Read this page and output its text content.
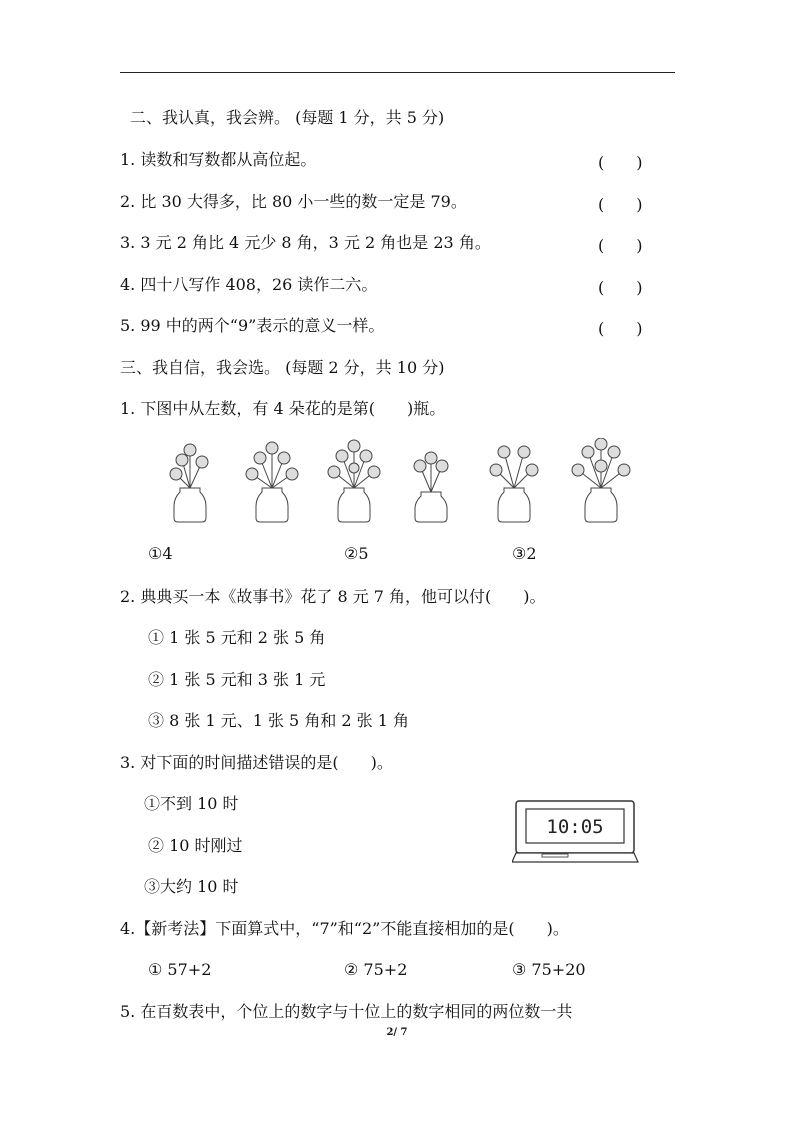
二、我认真，我会辨。 (每题 1 分，共 5 分)
1. 读数和写数都从高位起。	(　　)
2. 比 30 大得多，比 80 小一些的数一定是 79。	(　　)
3. 3 元 2 角比 4 元少 8 角，3 元 2 角也是 23 角。	(　　)
4. 四十八写作 408，26 读作二六。	(　　)
5. 99 中的两个“9”表示的意义一样。	(　　)
三、我自信，我会选。 (每题 2 分，共 10 分)
1. 下图中从左数，有 4 朵花的是第(　　)瓶。
①4	②5	③2
2. 典典买一本《故事书》花了 8 元 7 角，他可以付(　　)。
① 1 张 5 元和 2 张 5 角
② 1 张 5 元和 3 张 1 元
③ 8 张 1 元、1 张 5 角和 2 张 1 角
3. 对下面的时间描述错误的是(　　)。
①不到 10 时
② 10 时刚过
③大约 10 时
10:05
4.【新考法】下面算式中，“7”和“2”不能直接相加的是(　　)。
① 57+2	② 75+2	③ 75+20
5. 在百数表中，个位上的数字与十位上的数字相同的两位数一共
2/ 7
